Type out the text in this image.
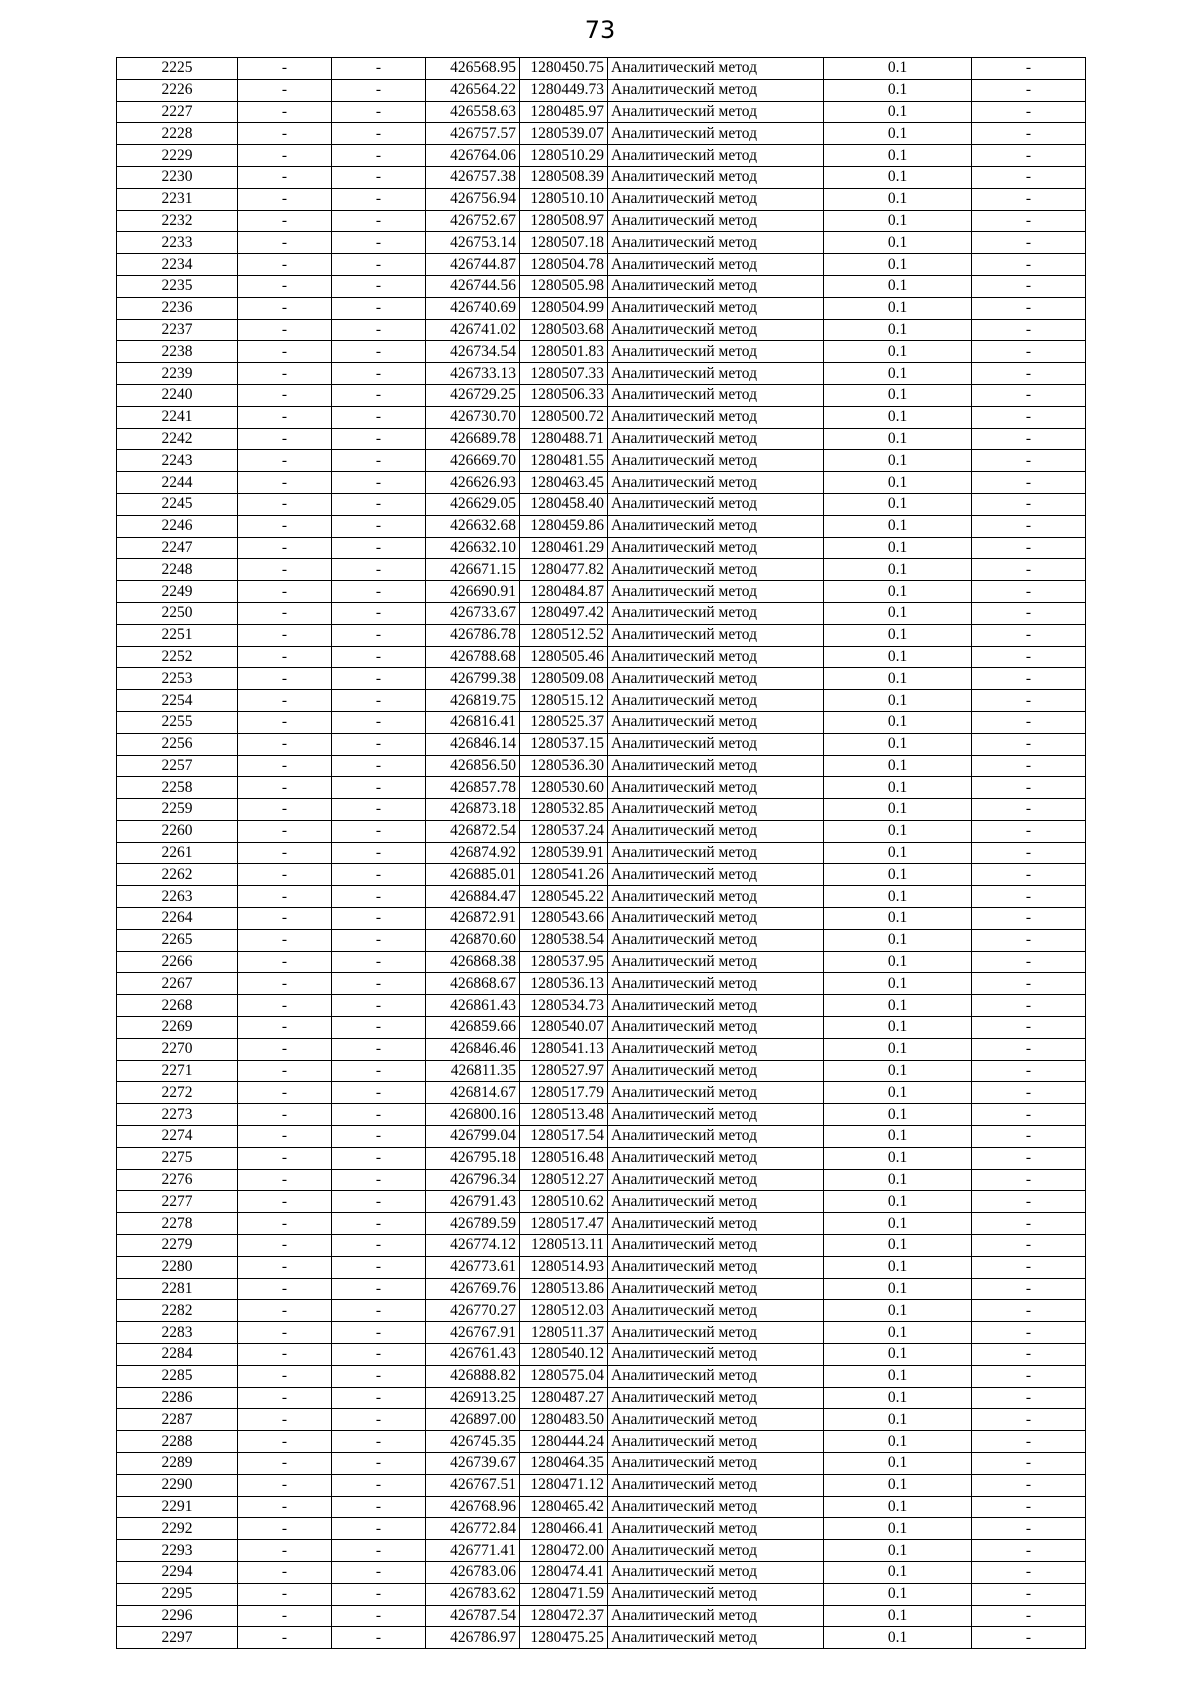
73
2225	-	-	426568.95	1280450.75	Аналитический метод	0.1	-
2226	-	-	426564.22	1280449.73	Аналитический метод	0.1	-
2227	-	-	426558.63	1280485.97	Аналитический метод	0.1	-
2228	-	-	426757.57	1280539.07	Аналитический метод	0.1	-
2229	-	-	426764.06	1280510.29	Аналитический метод	0.1	-
2230	-	-	426757.38	1280508.39	Аналитический метод	0.1	-
2231	-	-	426756.94	1280510.10	Аналитический метод	0.1	-
2232	-	-	426752.67	1280508.97	Аналитический метод	0.1	-
2233	-	-	426753.14	1280507.18	Аналитический метод	0.1	-
2234	-	-	426744.87	1280504.78	Аналитический метод	0.1	-
2235	-	-	426744.56	1280505.98	Аналитический метод	0.1	-
2236	-	-	426740.69	1280504.99	Аналитический метод	0.1	-
2237	-	-	426741.02	1280503.68	Аналитический метод	0.1	-
2238	-	-	426734.54	1280501.83	Аналитический метод	0.1	-
2239	-	-	426733.13	1280507.33	Аналитический метод	0.1	-
2240	-	-	426729.25	1280506.33	Аналитический метод	0.1	-
2241	-	-	426730.70	1280500.72	Аналитический метод	0.1	-
2242	-	-	426689.78	1280488.71	Аналитический метод	0.1	-
2243	-	-	426669.70	1280481.55	Аналитический метод	0.1	-
2244	-	-	426626.93	1280463.45	Аналитический метод	0.1	-
2245	-	-	426629.05	1280458.40	Аналитический метод	0.1	-
2246	-	-	426632.68	1280459.86	Аналитический метод	0.1	-
2247	-	-	426632.10	1280461.29	Аналитический метод	0.1	-
2248	-	-	426671.15	1280477.82	Аналитический метод	0.1	-
2249	-	-	426690.91	1280484.87	Аналитический метод	0.1	-
2250	-	-	426733.67	1280497.42	Аналитический метод	0.1	-
2251	-	-	426786.78	1280512.52	Аналитический метод	0.1	-
2252	-	-	426788.68	1280505.46	Аналитический метод	0.1	-
2253	-	-	426799.38	1280509.08	Аналитический метод	0.1	-
2254	-	-	426819.75	1280515.12	Аналитический метод	0.1	-
2255	-	-	426816.41	1280525.37	Аналитический метод	0.1	-
2256	-	-	426846.14	1280537.15	Аналитический метод	0.1	-
2257	-	-	426856.50	1280536.30	Аналитический метод	0.1	-
2258	-	-	426857.78	1280530.60	Аналитический метод	0.1	-
2259	-	-	426873.18	1280532.85	Аналитический метод	0.1	-
2260	-	-	426872.54	1280537.24	Аналитический метод	0.1	-
2261	-	-	426874.92	1280539.91	Аналитический метод	0.1	-
2262	-	-	426885.01	1280541.26	Аналитический метод	0.1	-
2263	-	-	426884.47	1280545.22	Аналитический метод	0.1	-
2264	-	-	426872.91	1280543.66	Аналитический метод	0.1	-
2265	-	-	426870.60	1280538.54	Аналитический метод	0.1	-
2266	-	-	426868.38	1280537.95	Аналитический метод	0.1	-
2267	-	-	426868.67	1280536.13	Аналитический метод	0.1	-
2268	-	-	426861.43	1280534.73	Аналитический метод	0.1	-
2269	-	-	426859.66	1280540.07	Аналитический метод	0.1	-
2270	-	-	426846.46	1280541.13	Аналитический метод	0.1	-
2271	-	-	426811.35	1280527.97	Аналитический метод	0.1	-
2272	-	-	426814.67	1280517.79	Аналитический метод	0.1	-
2273	-	-	426800.16	1280513.48	Аналитический метод	0.1	-
2274	-	-	426799.04	1280517.54	Аналитический метод	0.1	-
2275	-	-	426795.18	1280516.48	Аналитический метод	0.1	-
2276	-	-	426796.34	1280512.27	Аналитический метод	0.1	-
2277	-	-	426791.43	1280510.62	Аналитический метод	0.1	-
2278	-	-	426789.59	1280517.47	Аналитический метод	0.1	-
2279	-	-	426774.12	1280513.11	Аналитический метод	0.1	-
2280	-	-	426773.61	1280514.93	Аналитический метод	0.1	-
2281	-	-	426769.76	1280513.86	Аналитический метод	0.1	-
2282	-	-	426770.27	1280512.03	Аналитический метод	0.1	-
2283	-	-	426767.91	1280511.37	Аналитический метод	0.1	-
2284	-	-	426761.43	1280540.12	Аналитический метод	0.1	-
2285	-	-	426888.82	1280575.04	Аналитический метод	0.1	-
2286	-	-	426913.25	1280487.27	Аналитический метод	0.1	-
2287	-	-	426897.00	1280483.50	Аналитический метод	0.1	-
2288	-	-	426745.35	1280444.24	Аналитический метод	0.1	-
2289	-	-	426739.67	1280464.35	Аналитический метод	0.1	-
2290	-	-	426767.51	1280471.12	Аналитический метод	0.1	-
2291	-	-	426768.96	1280465.42	Аналитический метод	0.1	-
2292	-	-	426772.84	1280466.41	Аналитический метод	0.1	-
2293	-	-	426771.41	1280472.00	Аналитический метод	0.1	-
2294	-	-	426783.06	1280474.41	Аналитический метод	0.1	-
2295	-	-	426783.62	1280471.59	Аналитический метод	0.1	-
2296	-	-	426787.54	1280472.37	Аналитический метод	0.1	-
2297	-	-	426786.97	1280475.25	Аналитический метод	0.1	-
